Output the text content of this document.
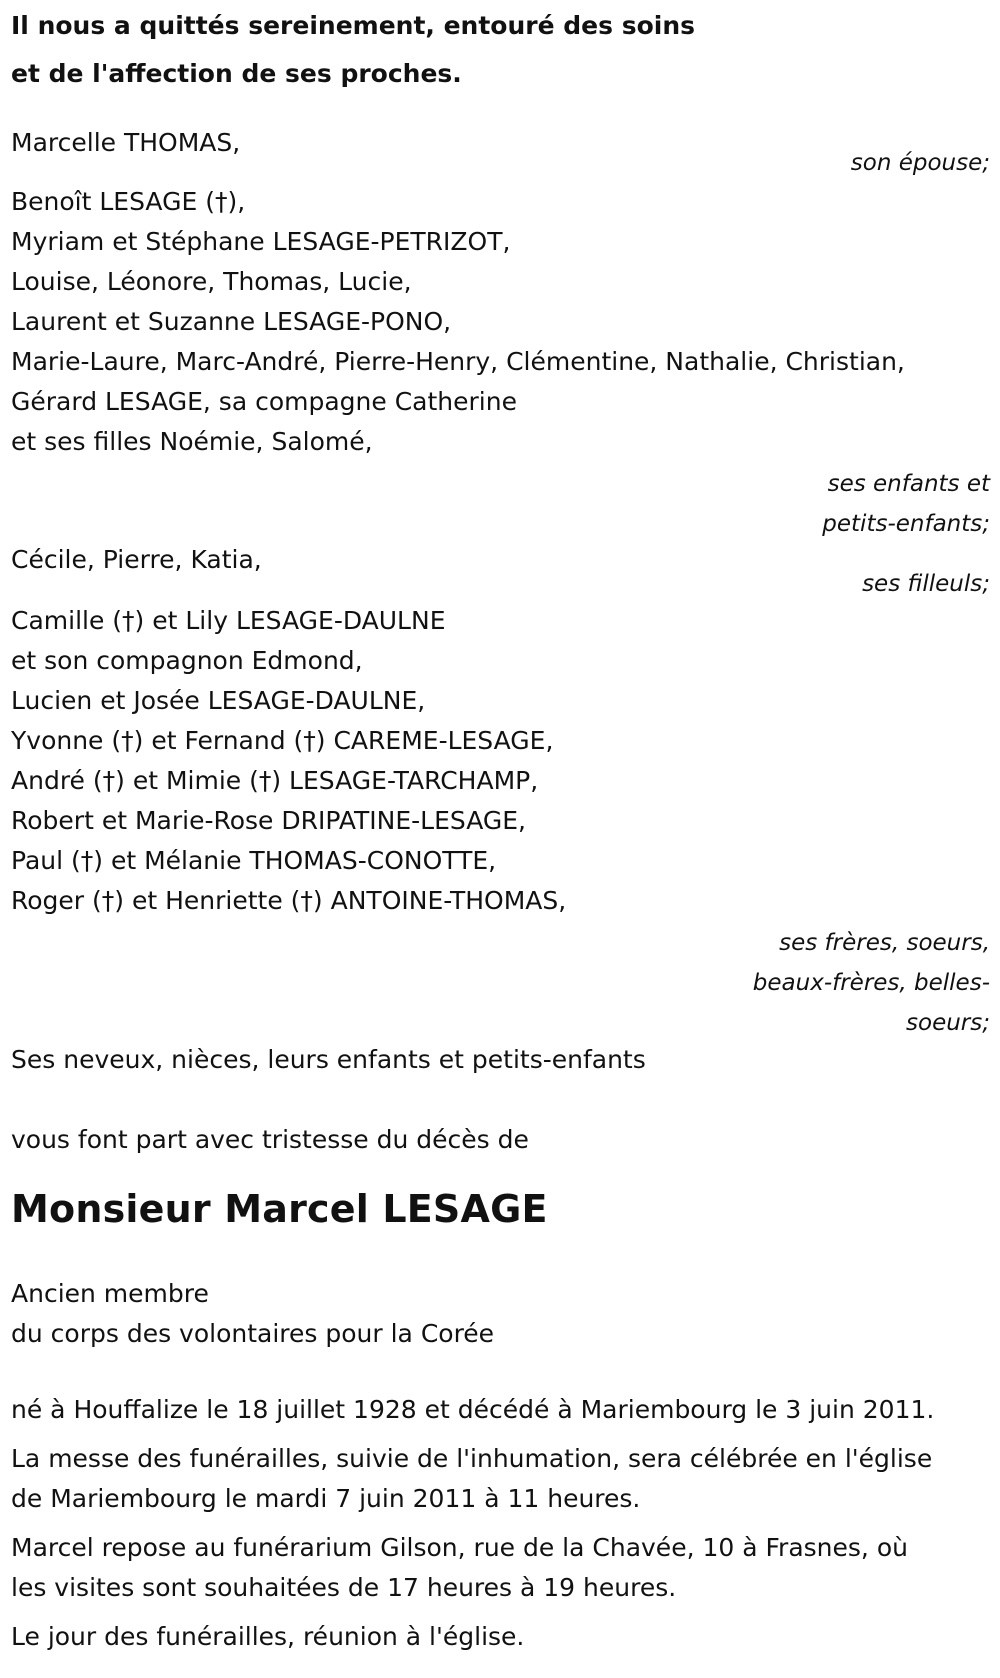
Il nous a quittés sereinement, entouré des soins
et de l'affection de ses proches.
Marcelle THOMAS,
son épouse;
Benoît LESAGE (†),
Myriam et Stéphane LESAGE-PETRIZOT,
Louise, Léonore, Thomas, Lucie,
Laurent et Suzanne LESAGE-PONO,
Marie-Laure, Marc-André, Pierre-Henry, Clémentine, Nathalie, Christian,
Gérard LESAGE, sa compagne Catherine
et ses filles Noémie, Salomé,
ses enfants et
petits-enfants;
Cécile, Pierre, Katia,
ses filleuls;
Camille (†) et Lily LESAGE-DAULNE
et son compagnon Edmond,
Lucien et Josée LESAGE-DAULNE,
Yvonne (†) et Fernand (†) CAREME-LESAGE,
André (†) et Mimie (†) LESAGE-TARCHAMP,
Robert et Marie-Rose DRIPATINE-LESAGE,
Paul (†) et Mélanie THOMAS-CONOTTE,
Roger (†) et Henriette (†) ANTOINE-THOMAS,
ses frères, soeurs,
beaux-frères, belles-
soeurs;
Ses neveux, nièces, leurs enfants et petits-enfants
vous font part avec tristesse du décès de
Monsieur Marcel LESAGE
Ancien membre
du corps des volontaires pour la Corée
né à Houffalize le 18 juillet 1928 et décédé à Mariembourg le 3 juin 2011.
La messe des funérailles, suivie de l'inhumation, sera célébrée en l'église
de Mariembourg le mardi 7 juin 2011 à 11 heures.
Marcel repose au funérarium Gilson, rue de la Chavée, 10 à Frasnes, où
les visites sont souhaitées de 17 heures à 19 heures.
Le jour des funérailles, réunion à l'église.
